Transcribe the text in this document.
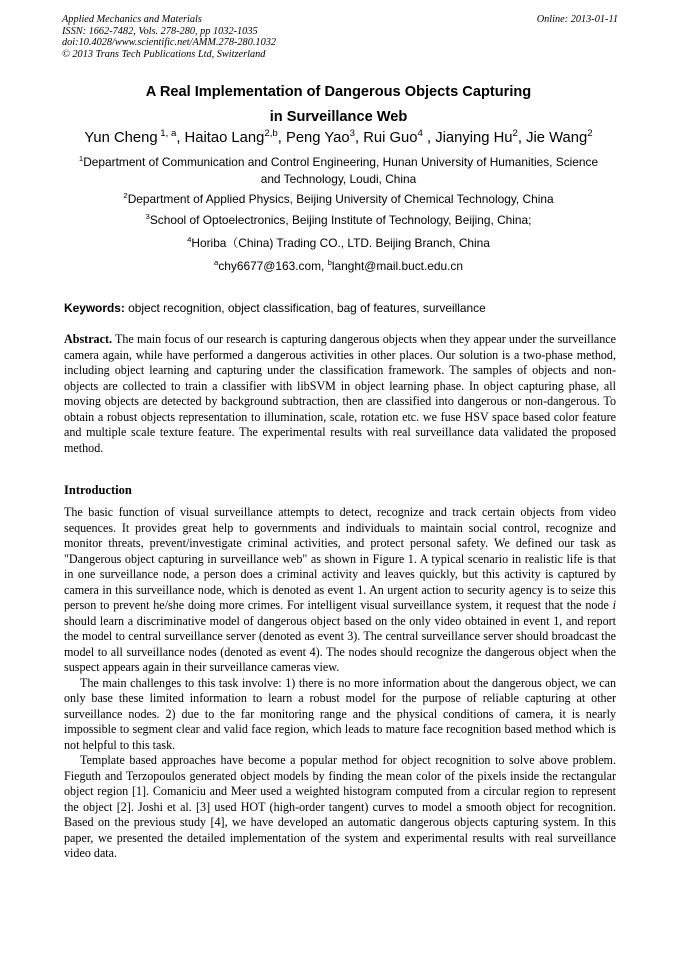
Applied Mechanics and Materials
ISSN: 1662-7482, Vols. 278-280, pp 1032-1035
doi:10.4028/www.scientific.net/AMM.278-280.1032
© 2013 Trans Tech Publications Ltd, Switzerland
Online: 2013-01-11
A Real Implementation of Dangerous Objects Capturing
in Surveillance Web
Yun Cheng $^{1, a}$, Haitao Lang$^{2,b}$, Peng Yao$^3$, Rui Guo$^4$ , Jianying Hu$^2$, Jie Wang$^2$
$^1$Department of Communication and Control Engineering, Hunan University of Humanities, Science
and Technology, Loudi, China
$^2$Department of Applied Physics, Beijing University of Chemical Technology, China
$^3$School of Optoelectronics, Beijing Institute of Technology, Beijing, China;
$^4$Horiba（China) Trading CO., LTD. Beijing Branch, China
$^a$chy6677@163.com, $^b$langht@mail.buct.edu.cn
Keywords: object recognition, object classification, bag of features, surveillance

Abstract. The main focus of our research is capturing dangerous objects when they appear under the surveillance camera again, while have performed a dangerous activities in other places. Our solution is a two-phase method, including object learning and capturing under the classification framework. The samples of objects and non-objects are collected to train a classifier with libSVM in object learning phase. In object capturing phase, all moving objects are detected by background subtraction, then are classified into dangerous or non-dangerous. To obtain a robust objects representation to illumination, scale, rotation etc. we fuse HSV space based color feature and multiple scale texture feature. The experimental results with real surveillance data validated the proposed method.

Introduction

The basic function of visual surveillance attempts to detect, recognize and track certain objects from video sequences. It provides great help to governments and individuals to maintain social control, recognize and monitor threats, prevent/investigate criminal activities, and protect personal safety. We defined our task as "Dangerous object capturing in surveillance web" as shown in Figure 1. A typical scenario in realistic life is that in one surveillance node, a person does a criminal activity and leaves quickly, but this activity is captured by camera in this surveillance node, which is denoted as event 1. An urgent action to security agency is to seize this person to prevent he/she doing more crimes. For intelligent visual surveillance system, it request that the node i should learn a discriminative model of dangerous object based on the only video obtained in event 1, and report the model to central surveillance server (denoted as event 3). The central surveillance server should broadcast the model to all surveillance nodes (denoted as event 4). The nodes should recognize the dangerous object when the suspect appears again in their surveillance cameras view.

The main challenges to this task involve: 1) there is no more information about the dangerous object, we can only base these limited information to learn a robust model for the purpose of reliable capturing at other surveillance nodes. 2) due to the far monitoring range and the physical conditions of camera, it is nearly impossible to segment clear and valid face region, which leads to mature face recognition based method which is not helpful to this task.

Template based approaches have become a popular method for object recognition to solve above problem. Fieguth and Terzopoulos generated object models by finding the mean color of the pixels inside the rectangular object region [1]. Comaniciu and Meer used a weighted histogram computed from a circular region to represent the object [2]. Joshi et al. [3] used HOT (high-order tangent) curves to model a smooth object for recognition. Based on the previous study [4], we have developed an automatic dangerous objects capturing system. In this paper, we presented the detailed implementation of the system and experimental results with real surveillance video data.
